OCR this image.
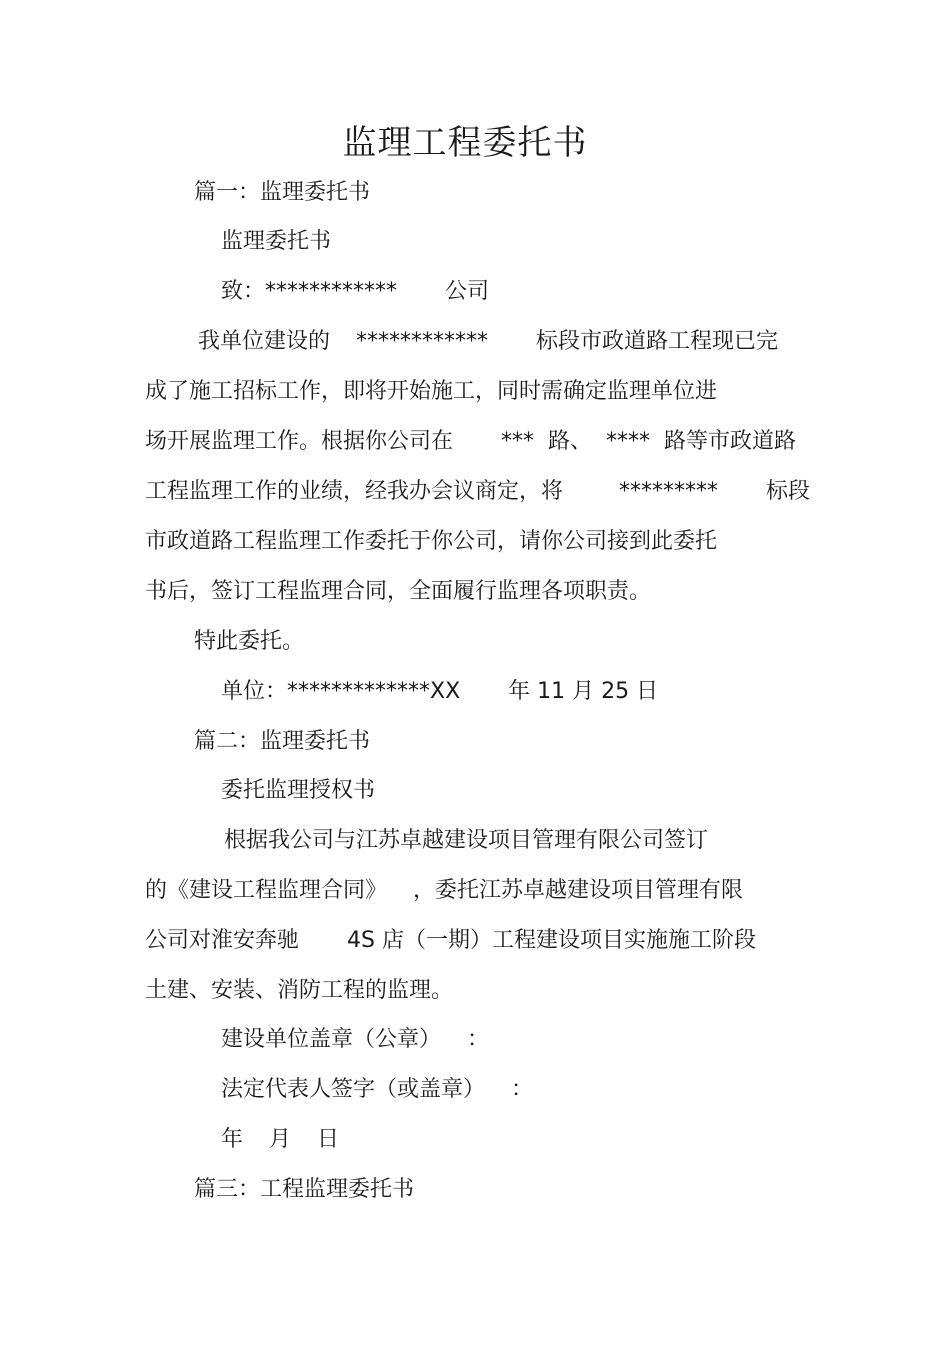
监理工程委托书
篇一：监理委托书
监理委托书
致：************ 公司
我单位建设的 ************ 标段市政道路工程现已完
成了施工招标工作，即将开始施工，同时需确定监理单位进
场开展监理工作。根据你公司在 *** 路、 **** 路等市政道路
工程监理工作的业绩，经我办会议商定，将	********* 标段
市政道路工程监理工作委托于你公司，请你公司接到此委托
书后，签订工程监理合同，全面履行监理各项职责。
特此委托。
单位：*************XX 年 11 月 25 日
篇二：监理委托书
委托监理授权书
根据我公司与江苏卓越建设项目管理有限公司签订
的《建设工程监理合同》 ，委托江苏卓越建设项目管理有限
公司对淮安奔驰 4S 店（一期）工程建设项目实施施工阶段
土建、安装、消防工程的监理。
建设单位盖章（公章） ：
法定代表人签字（或盖章） ：
年 月 日
篇三：工程监理委托书
